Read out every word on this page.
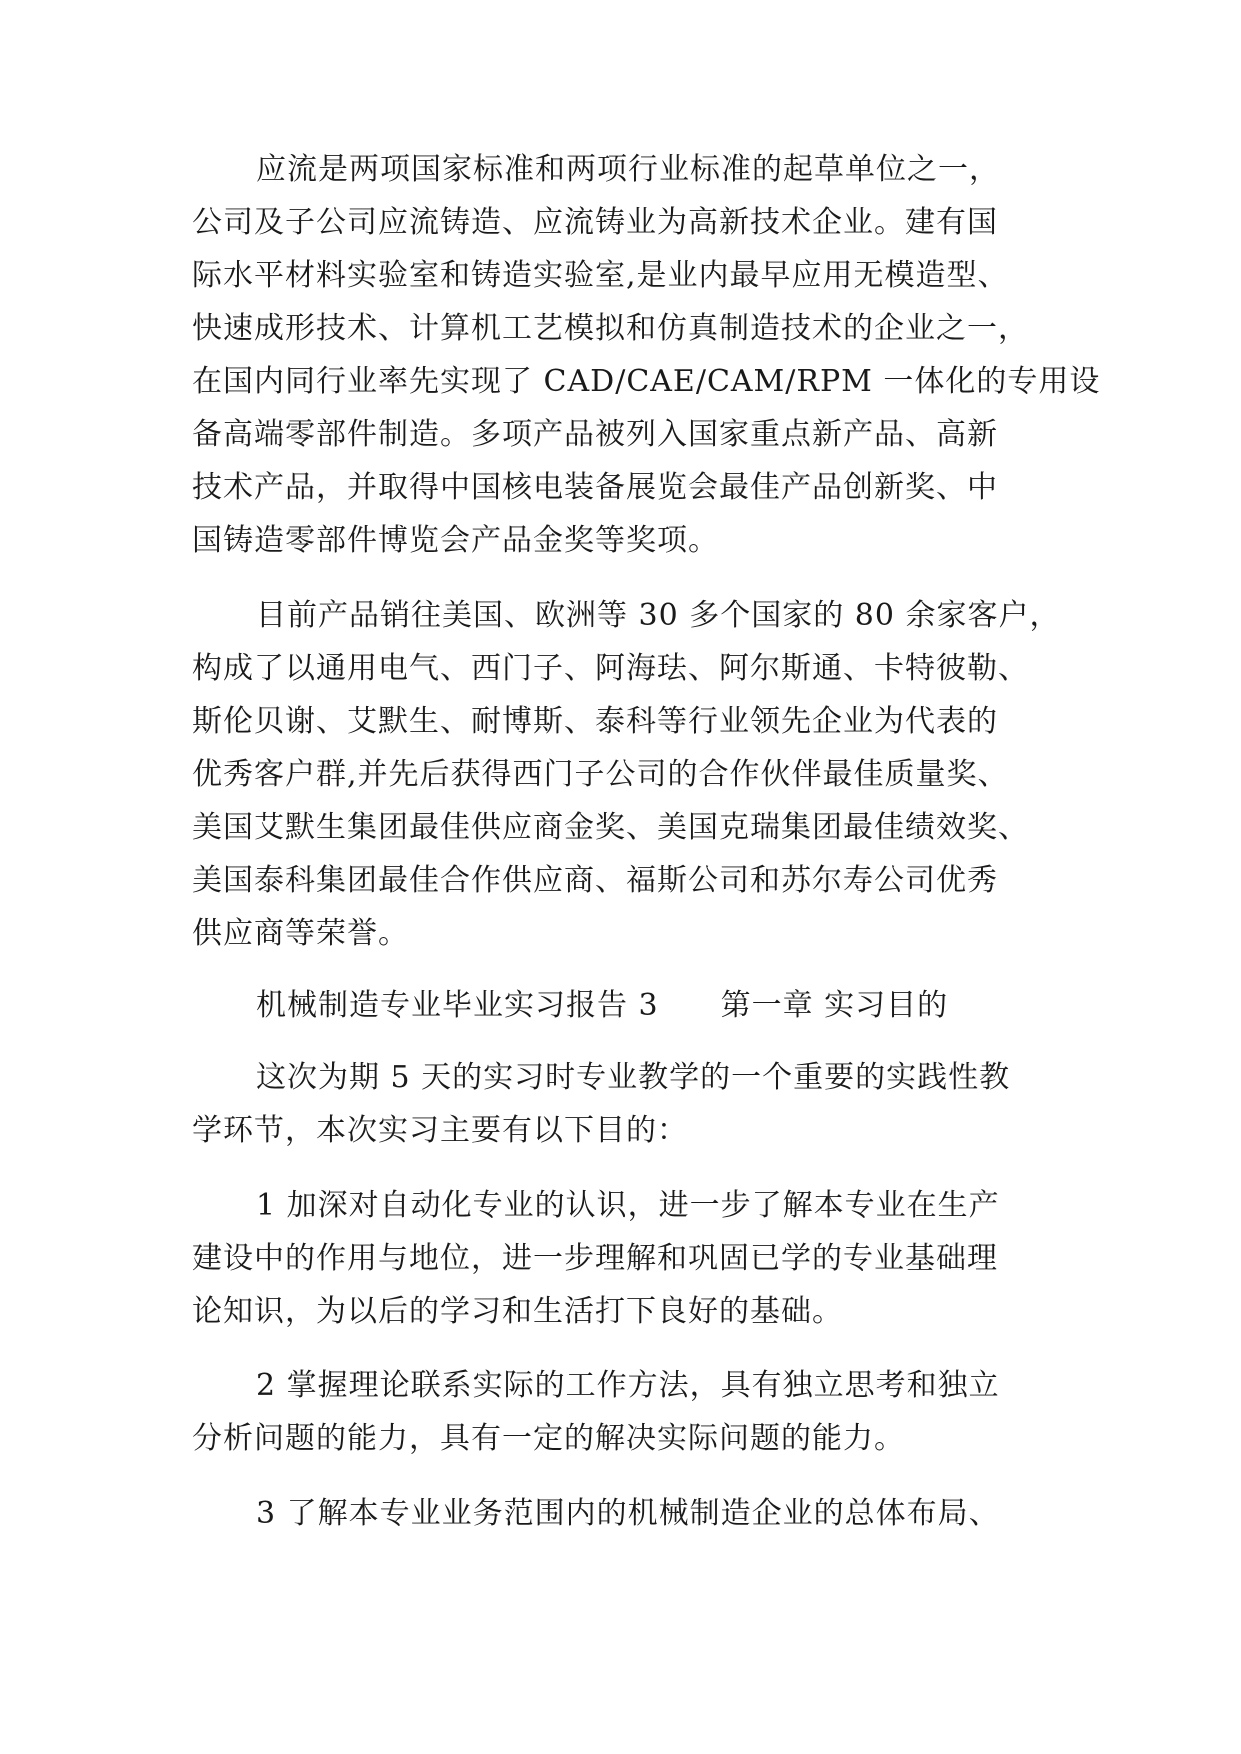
应流是两项国家标准和两项行业标准的起草单位之一，
公司及子公司应流铸造、应流铸业为高新技术企业。建有国
际水平材料实验室和铸造实验室,是业内最早应用无模造型、
快速成形技术、计算机工艺模拟和仿真制造技术的企业之一，
在国内同行业率先实现了 CAD/CAE/CAM/RPM 一体化的专用设
备高端零部件制造。多项产品被列入国家重点新产品、高新
技术产品，并取得中国核电装备展览会最佳产品创新奖、中
国铸造零部件博览会产品金奖等奖项。
目前产品销往美国、欧洲等 30 多个国家的 80 余家客户，
构成了以通用电气、西门子、阿海珐、阿尔斯通、卡特彼勒、
斯伦贝谢、艾默生、耐博斯、泰科等行业领先企业为代表的
优秀客户群,并先后获得西门子公司的合作伙伴最佳质量奖、
美国艾默生集团最佳供应商金奖、美国克瑞集团最佳绩效奖、
美国泰科集团最佳合作供应商、福斯公司和苏尔寿公司优秀
供应商等荣誉。
机械制造专业毕业实习报告 3　　第一章 实习目的
这次为期 5 天的实习时专业教学的一个重要的实践性教
学环节，本次实习主要有以下目的：
1 加深对自动化专业的认识，进一步了解本专业在生产
建设中的作用与地位，进一步理解和巩固已学的专业基础理
论知识，为以后的学习和生活打下良好的基础。
2 掌握理论联系实际的工作方法，具有独立思考和独立
分析问题的能力，具有一定的解决实际问题的能力。
3 了解本专业业务范围内的机械制造企业的总体布局、
